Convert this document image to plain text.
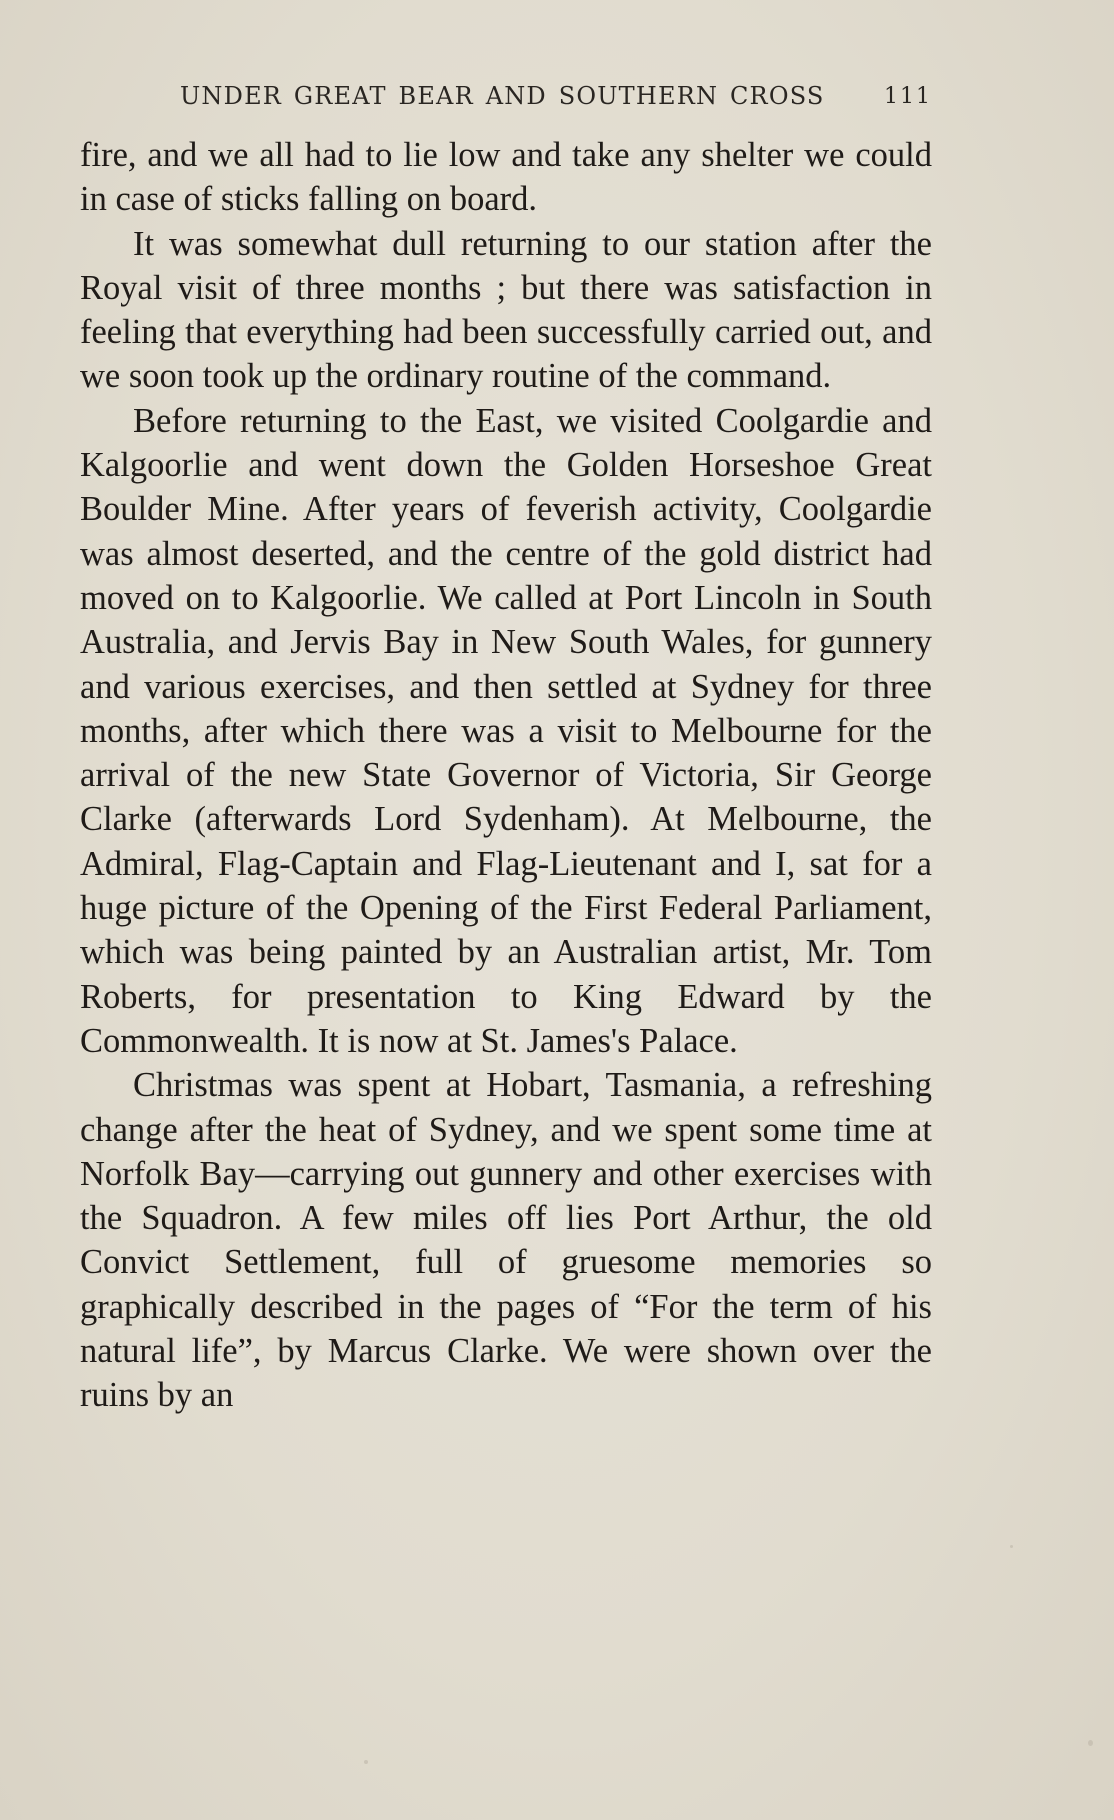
UNDER GREAT BEAR AND SOUTHERN CROSS	111

fire, and we all had to lie low and take any shelter we could in case of sticks falling on board.

It was somewhat dull returning to our station after the Royal visit of three months ; but there was satisfaction in feeling that everything had been successfully carried out, and we soon took up the ordinary routine of the command.

Before returning to the East, we visited Coolgardie and Kalgoorlie and went down the Golden Horseshoe Great Boulder Mine. After years of feverish activity, Coolgardie was almost deserted, and the centre of the gold district had moved on to Kalgoorlie. We called at Port Lincoln in South Australia, and Jervis Bay in New South Wales, for gunnery and various exercises, and then settled at Sydney for three months, after which there was a visit to Melbourne for the arrival of the new State Governor of Victoria, Sir George Clarke (afterwards Lord Sydenham). At Melbourne, the Admiral, Flag-Captain and Flag-Lieutenant and I, sat for a huge picture of the Opening of the First Federal Parliament, which was being painted by an Australian artist, Mr. Tom Roberts, for presentation to King Edward by the Commonwealth. It is now at St. James's Palace.

Christmas was spent at Hobart, Tasmania, a refreshing change after the heat of Sydney, and we spent some time at Norfolk Bay—carrying out gunnery and other exercises with the Squadron. A few miles off lies Port Arthur, the old Convict Settlement, full of gruesome memories so graphically described in the pages of “For the term of his natural life”, by Marcus Clarke. We were shown over the ruins by an
